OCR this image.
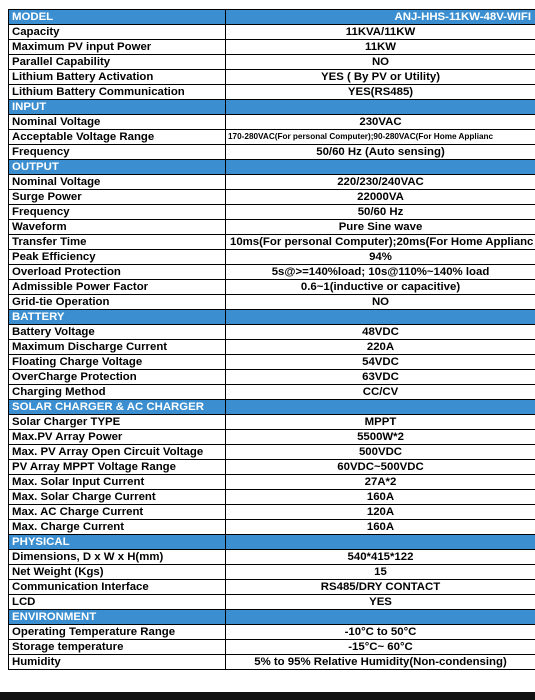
MODEL	ANJ-HHS-11KW-48V-WIFI
Capacity	11KVA/11KW
Maximum PV input Power	11KW
Parallel Capability	NO
Lithium Battery Activation	YES ( By PV or Utility)
Lithium Battery Communication	YES(RS485)
INPUT	
Nominal Voltage	230VAC
Acceptable Voltage Range	170-280VAC(For personal Computer);90-280VAC(For Home Applianc
Frequency	50/60 Hz (Auto sensing)
OUTPUT	
Nominal Voltage	220/230/240VAC
Surge Power	22000VA
Frequency	50/60 Hz
Waveform	Pure Sine wave
Transfer Time	10ms(For personal Computer);20ms(For Home Applianc
Peak Efficiency	94%
Overload Protection	5s@>=140%load; 10s@110%~140% load
Admissible Power Factor	0.6~1(inductive or capacitive)
Grid-tie Operation	NO
BATTERY	
Battery Voltage	48VDC
Maximum Discharge Current	220A
Floating Charge Voltage	54VDC
OverCharge Protection	63VDC
Charging Method	CC/CV
SOLAR CHARGER & AC CHARGER	
Solar Charger TYPE	MPPT
Max.PV Array Power	5500W*2
Max. PV Array Open Circuit Voltage	500VDC
PV Array MPPT Voltage Range	60VDC~500VDC
Max. Solar Input Current	27A*2
Max. Solar Charge Current	160A
Max. AC Charge Current	120A
Max. Charge Current	160A
PHYSICAL	
Dimensions, D x W x H(mm)	540*415*122
Net Weight (Kgs)	15
Communication Interface	RS485/DRY CONTACT
LCD	YES
ENVIRONMENT	
Operating Temperature Range	-10°C to 50°C
Storage temperature	-15°C~ 60°C
Humidity	5% to 95% Relative Humidity(Non-condensing)
